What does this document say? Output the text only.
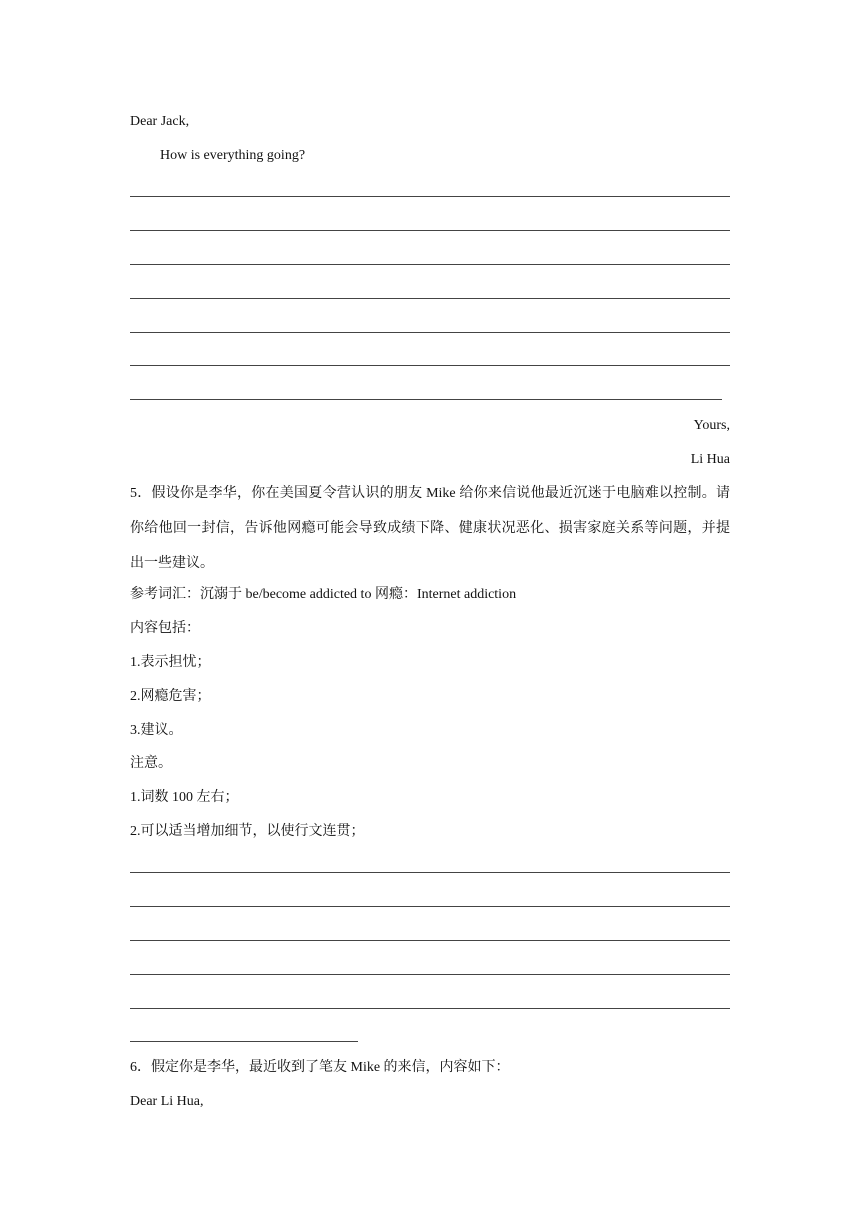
Dear Jack,
How is everything going?
Yours,
Li Hua
5．假设你是李华，你在美国夏令营认识的朋友 Mike 给你来信说他最近沉迷于电脑难以控制。请你给他回一封信，告诉他网瘾可能会导致成绩下降、健康状况恶化、损害家庭关系等问题，并提出一些建议。
参考词汇：沉溺于 be/become addicted to 网瘾：Internet addiction
内容包括：
1.表示担忧；
2.网瘾危害；
3.建议。
注意。
1.词数 100 左右；
2.可以适当增加细节，以使行文连贯；
6．假定你是李华，最近收到了笔友 Mike 的来信，内容如下：
Dear Li Hua,
